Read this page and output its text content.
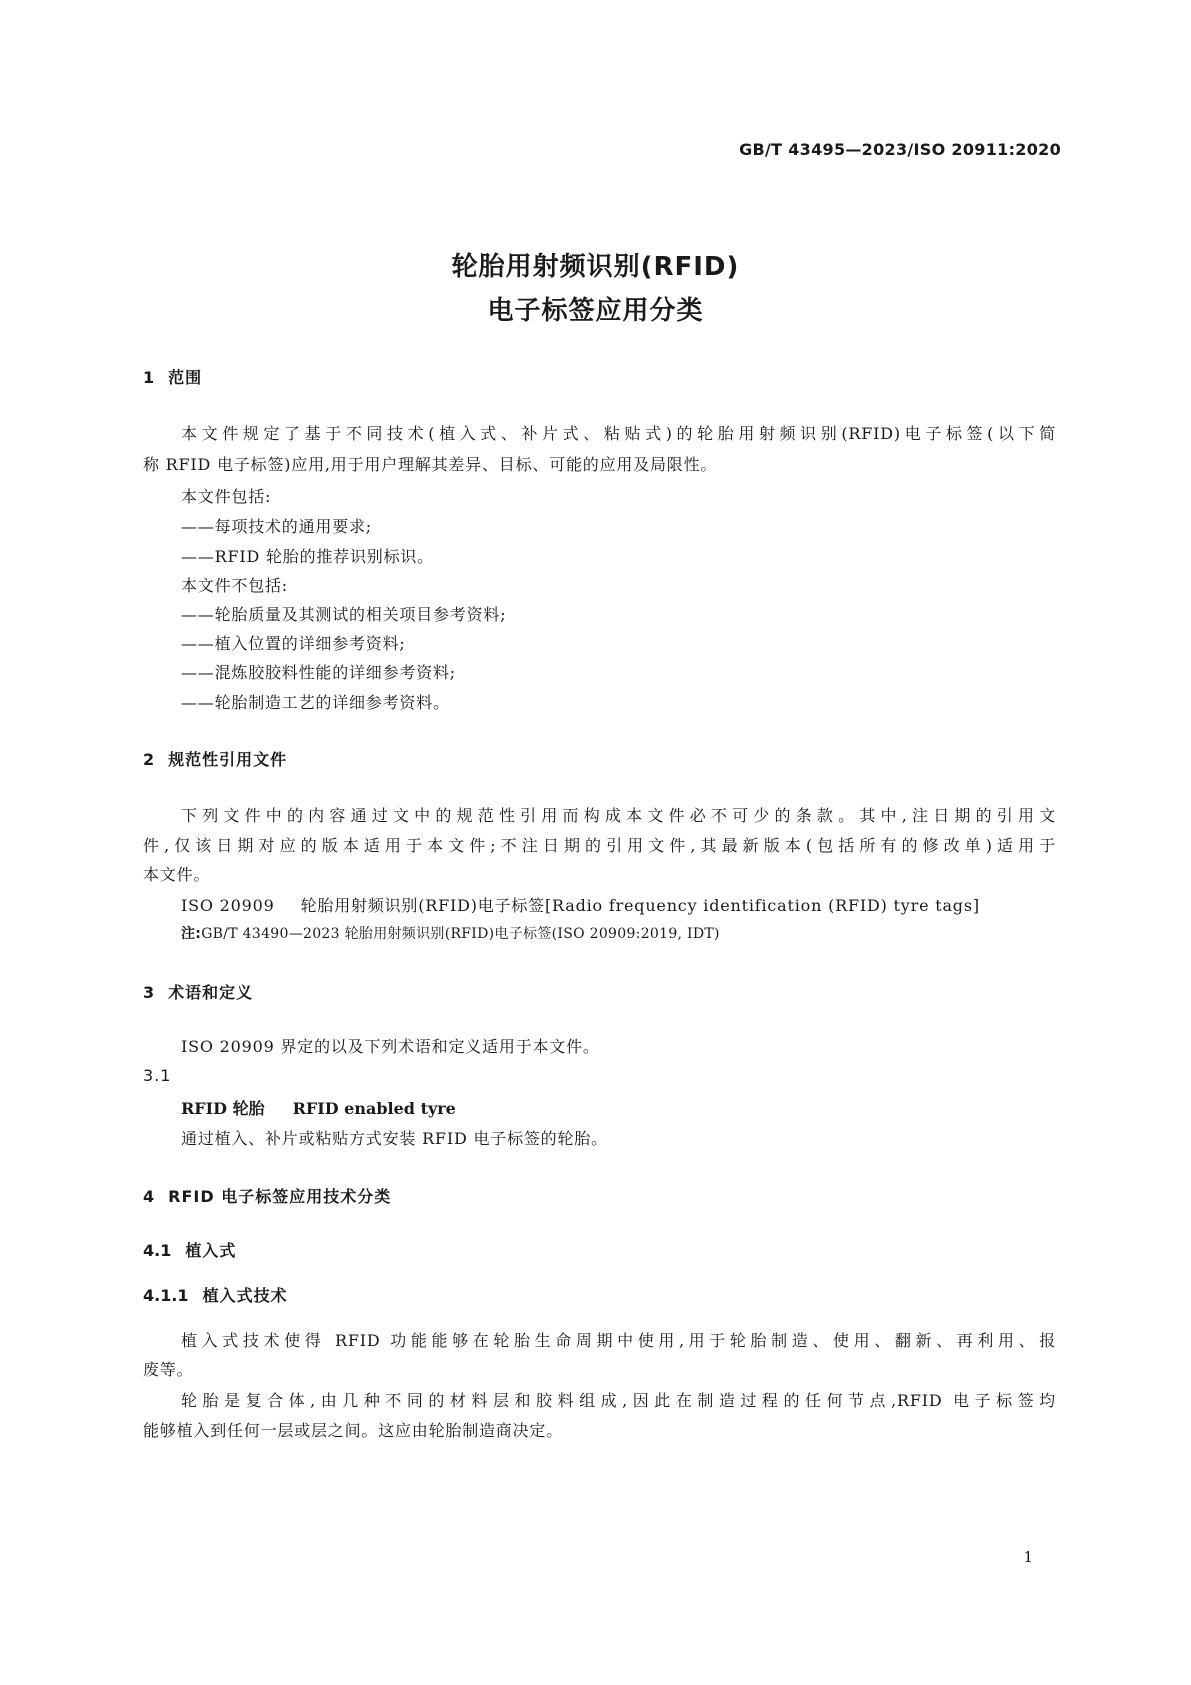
GB/T 43495—2023/ISO 20911:2020
轮胎用射频识别(RFID)
电子标签应用分类
1 范围
本文件规定了基于不同技术(植入式、补片式、粘贴式)的轮胎用射频识别(RFID)电子标签(以下简
称 RFID 电子标签)应用,用于用户理解其差异、目标、可能的应用及局限性。
本文件包括:
——每项技术的通用要求;
——RFID 轮胎的推荐识别标识。
本文件不包括:
——轮胎质量及其测试的相关项目参考资料;
——植入位置的详细参考资料;
——混炼胶胶料性能的详细参考资料;
——轮胎制造工艺的详细参考资料。
2 规范性引用文件
下列文件中的内容通过文中的规范性引用而构成本文件必不可少的条款。其中,注日期的引用文
件,仅该日期对应的版本适用于本文件;不注日期的引用文件,其最新版本(包括所有的修改单)适用于
本文件。
ISO 20909 轮胎用射频识别(RFID)电子标签[Radio frequency identification (RFID) tyre tags]
注:GB/T 43490—2023 轮胎用射频识别(RFID)电子标签(ISO 20909:2019, IDT)
3 术语和定义
ISO 20909 界定的以及下列术语和定义适用于本文件。
3.1
RFID 轮胎 RFID enabled tyre
通过植入、补片或粘贴方式安装 RFID 电子标签的轮胎。
4 RFID 电子标签应用技术分类
4.1 植入式
4.1.1 植入式技术
植入式技术使得 RFID 功能能够在轮胎生命周期中使用,用于轮胎制造、使用、翻新、再利用、报
废等。
轮胎是复合体,由几种不同的材料层和胶料组成,因此在制造过程的任何节点,RFID 电子标签均
能够植入到任何一层或层之间。这应由轮胎制造商决定。
1
